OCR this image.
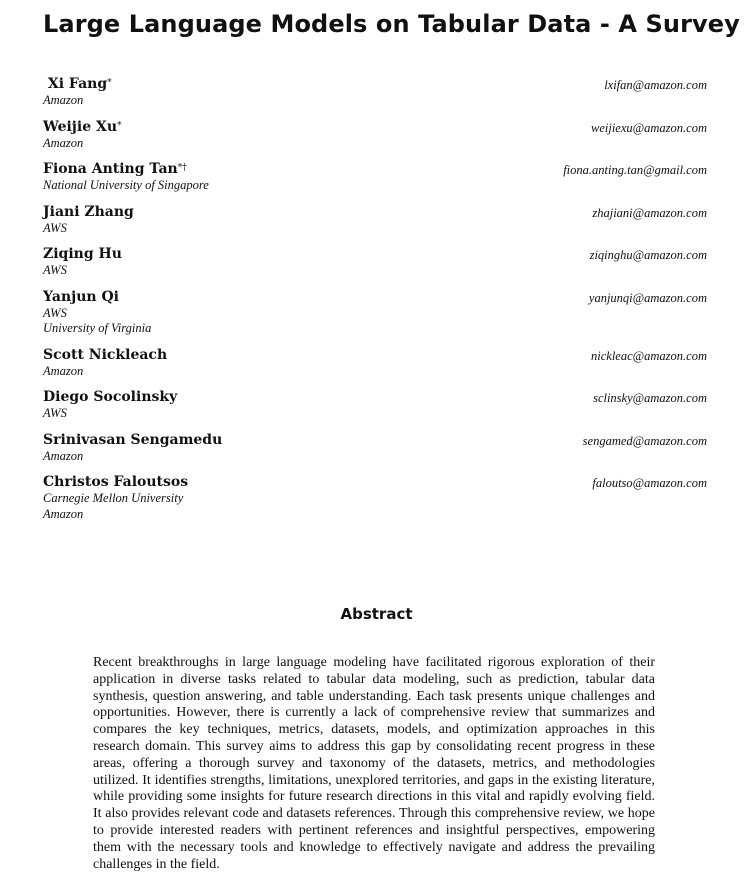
Large Language Models on Tabular Data - A Survey
Xi Fang*
Amazon
lxifan@amazon.com
Weijie Xu*
Amazon
weijiexu@amazon.com
Fiona Anting Tan*†
National University of Singapore
fiona.anting.tan@gmail.com
Jiani Zhang
AWS
zhajiani@amazon.com
Ziqing Hu
AWS
ziqinghu@amazon.com
Yanjun Qi
AWS
University of Virginia
yanjunqi@amazon.com
Scott Nickleach
Amazon
nickleac@amazon.com
Diego Socolinsky
AWS
sclinsky@amazon.com
Srinivasan Sengamedu
Amazon
sengamed@amazon.com
Christos Faloutsos
Carnegie Mellon University
Amazon
faloutso@amazon.com
Abstract
Recent breakthroughs in large language modeling have facilitated rigorous exploration of their application in diverse tasks related to tabular data modeling, such as prediction, tabular data synthesis, question answering, and table understanding. Each task presents unique challenges and opportunities. However, there is currently a lack of comprehensive review that summarizes and compares the key techniques, metrics, datasets, models, and optimization approaches in this research domain. This survey aims to address this gap by consolidating recent progress in these areas, offering a thorough survey and taxonomy of the datasets, metrics, and methodologies utilized. It identifies strengths, limitations, unexplored territories, and gaps in the existing literature, while providing some insights for future research directions in this vital and rapidly evolving field. It also provides relevant code and datasets references. Through this comprehensive review, we hope to provide interested readers with pertinent references and insightful perspectives, empowering them with the necessary tools and knowledge to effectively navigate and address the prevailing challenges in the field.
